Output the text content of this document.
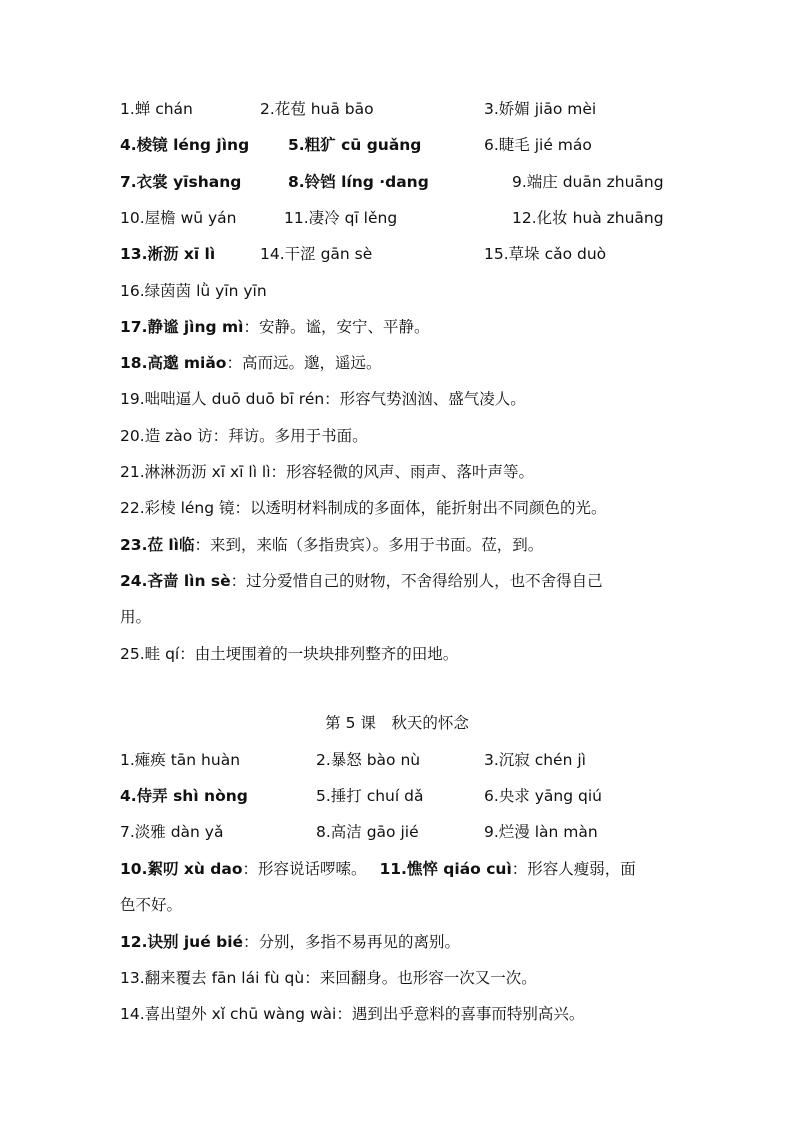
1.蝉 chán	2.花苞 huā bāo	3.娇媚 jiāo mèi
4.棱镜 léng jìng	5.粗犷 cū guǎng	6.睫毛 jié máo
7.衣裳 yīshang	8.铃铛 líng ·dang	9.端庄 duān zhuāng
10.屋檐 wū yán	11.凄冷 qī lěng	12.化妆 huà zhuāng
13.淅沥 xī lì	14.干涩 gān sè	15.草垛 cǎo duò
16.绿茵茵 lǜ yīn yīn
17.静谧 jìng mì：安静。谧，安宁、平静。
18.高邈 miǎo：高而远。邈，遥远。
19.咄咄逼人 duō duō bī rén：形容气势汹汹、盛气凌人。
20.造 zào 访：拜访。多用于书面。
21.淋淋沥沥 xī xī lì lì：形容轻微的风声、雨声、落叶声等。
22.彩棱 léng 镜：以透明材料制成的多面体，能折射出不同颜色的光。
23.莅 lì临：来到，来临（多指贵宾）。多用于书面。莅，到。
24.吝啬 lìn sè：过分爱惜自己的财物，不舍得给别人，也不舍得自己
用。
25.畦 qí：由土埂围着的一块块排列整齐的田地。
第 5 课　秋天的怀念
1.瘫痪 tān huàn	2.暴怒 bào nù	3.沉寂 chén jì
4.侍弄 shì nòng	5.捶打 chuí dǎ	6.央求 yāng qiú
7.淡雅 dàn yǎ	8.高洁 gāo jié	9.烂漫 làn màn
10.絮叨 xù dao：形容说话啰嗦。 11.憔悴 qiáo cuì：形容人瘦弱，面
色不好。
12.诀别 jué bié：分别，多指不易再见的离别。
13.翻来覆去 fān lái fù qù：来回翻身。也形容一次又一次。
14.喜出望外 xǐ chū wàng wài：遇到出乎意料的喜事而特别高兴。
